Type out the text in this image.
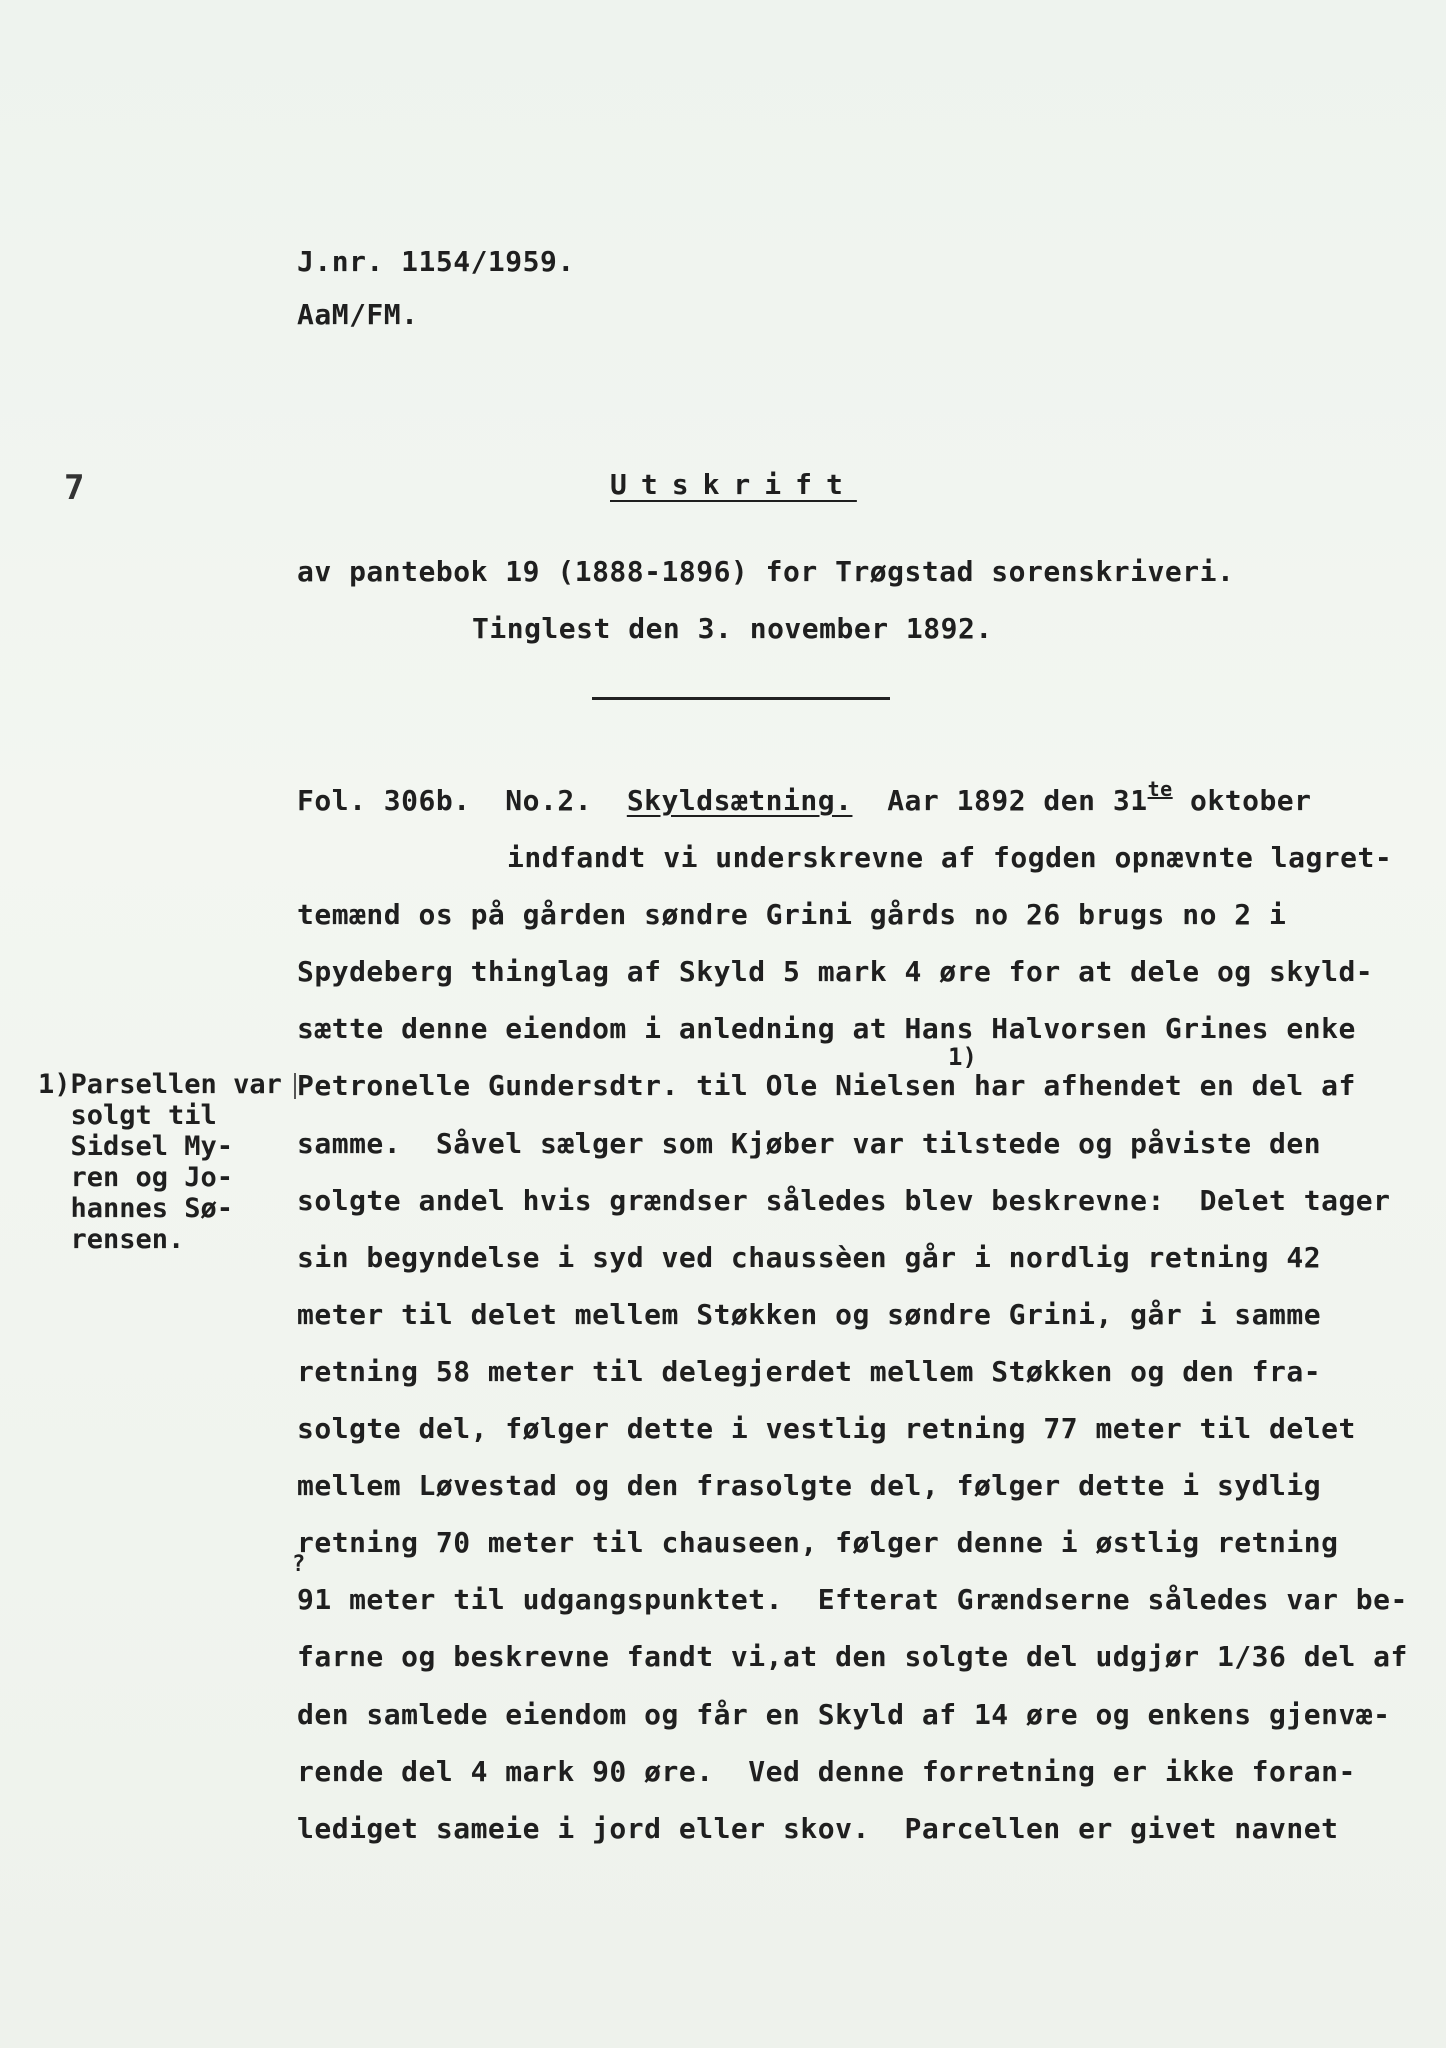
7
J.nr. 1154/1959.
AaM/FM.
Utskrift
av pantebok 19 (1888-1896) for Trøgstad sorenskriveri.
Tinglest den 3. november 1892.
Fol. 306b. No.2. Skyldsætning. Aar 1892 den $31^{te}$ oktober
indfandt vi underskrevne af fogden opnævnte lagret-
temænd os på gården søndre Grini gårds no 26 brugs no 2 i
Spydeberg thinglag af Skyld 5 mark 4 øre for at dele og skyld-
sætte denne eiendom i anledning at Hans Halvorsen Grines enke
Petronelle Gundersdtr. til Ole Nielsen har afhendet en del af
samme.  Såvel sælger som Kjøber var tilstede og påviste den
solgte andel hvis grændser således blev beskrevne:  Delet tager
sin begyndelse i syd ved chaussèen går i nordlig retning 42
meter til delet mellem Støkken og søndre Grini, går i samme
retning 58 meter til delegjerdet mellem Støkken og den fra-
solgte del, følger dette i vestlig retning 77 meter til delet
mellem Løvestad og den frasolgte del, følger dette i sydlig
retning 70 meter til chauseen, følger denne i østlig retning
91 meter til udgangspunktet.  Efterat Grændserne således var be-
farne og beskrevne fandt vi,at den solgte del udgjør 1/36 del af
den samlede eiendom og får en Skyld af 14 øre og enkens gjenvæ-
rende del 4 mark 90 øre.  Ved denne forretning er ikke foran-
lediget sameie i jord eller skov.  Parcellen er givet navnet
1)
?
1)Parsellen var
solgt til
Sidsel My-
ren og Jo-
hannes Sø-
rensen.
